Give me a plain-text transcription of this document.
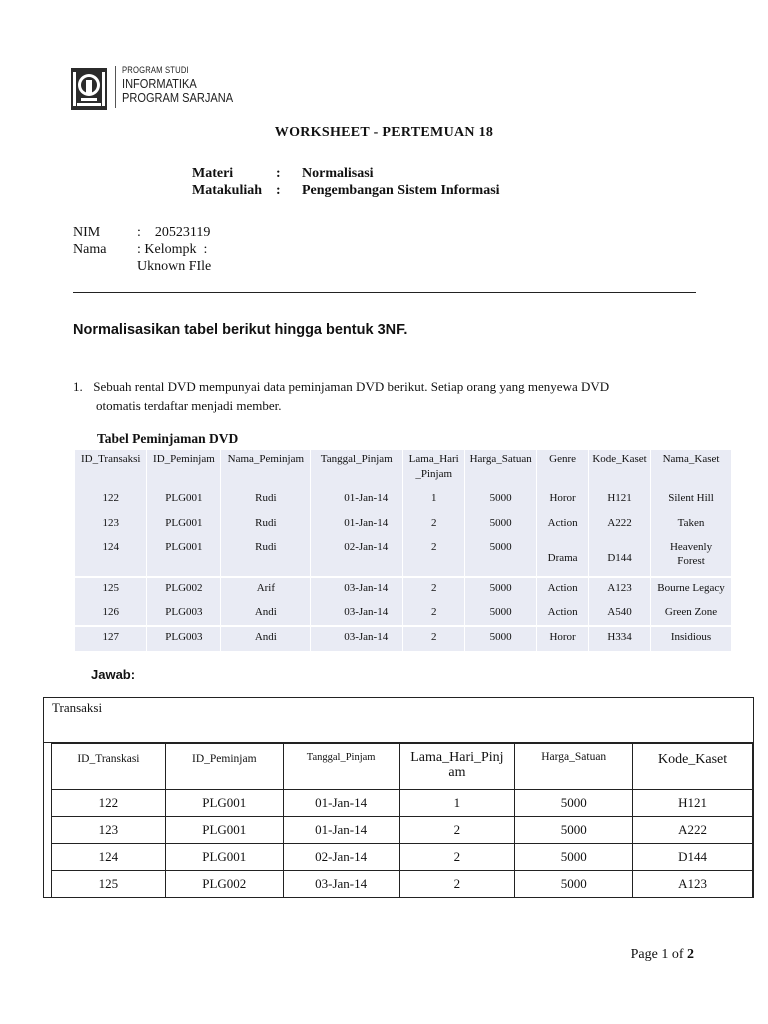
PROGRAM STUDI
INFORMATIKA
PROGRAM SARJANA
WORKSHEET - PERTEMUAN 18
Materi	: Normalisasi
Matakuliah : Pengembangan Sistem Informasi
NIM	:    20523119
Nama : Kelompk  :
Uknown FIle
Normalisasikan tabel berikut hingga bentuk 3NF.
1. Sebuah rental DVD mempunyai data peminjaman DVD berikut. Setiap orang yang menyewa DVD
otomatis terdaftar menjadi member.
Tabel Peminjaman DVD
ID_Transaksi	ID_Peminjam	Nama_Peminjam	Tanggal_Pinjam	Lama_Hari
_Pinjam	Harga_Satuan	Genre	Kode_Kaset	Nama_Kaset
122	PLG001	Rudi	01-Jan-14	1	5000	Horor	H121	Silent Hill
123	PLG001	Rudi	01-Jan-14	2	5000	Action	A222	Taken
124	PLG001	Rudi	02-Jan-14	2	5000	Drama	D144	Heavenly Forest
125	PLG002	Arif	03-Jan-14	2	5000	Action	A123	Bourne Legacy
126	PLG003	Andi	03-Jan-14	2	5000	Action	A540	Green Zone
127	PLG003	Andi	03-Jan-14	2	5000	Horor	H334	Insidious
Jawab:
Transaksi
ID_Transkasi	ID_Peminjam	Tanggal_Pinjam	Lama_Hari_Pinjam	Harga_Satuan	Kode_Kaset
122	PLG001	01-Jan-14	1	5000	H121
123	PLG001	01-Jan-14	2	5000	A222
124	PLG001	02-Jan-14	2	5000	D144
125	PLG002	03-Jan-14	2	5000	A123
Page 1 of 2
